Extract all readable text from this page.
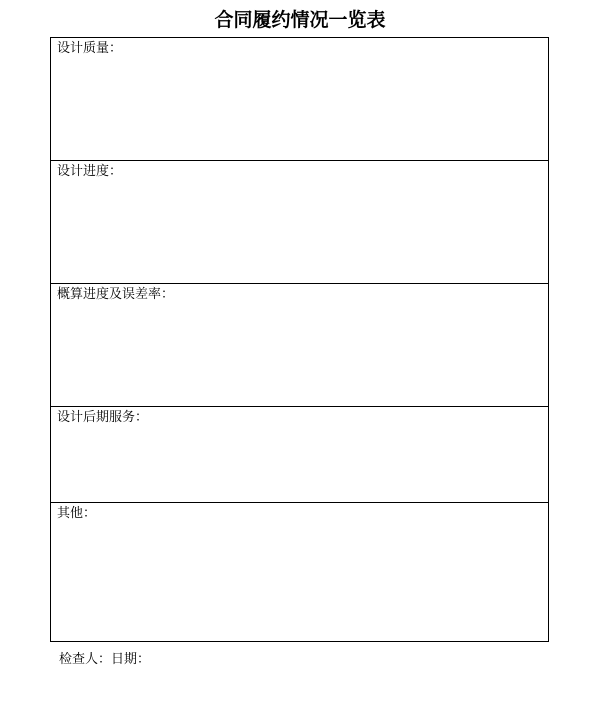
合同履约情况一览表
设计质量：
设计进度：
概算进度及误差率：
设计后期服务：
其他：
检查人：日期：
